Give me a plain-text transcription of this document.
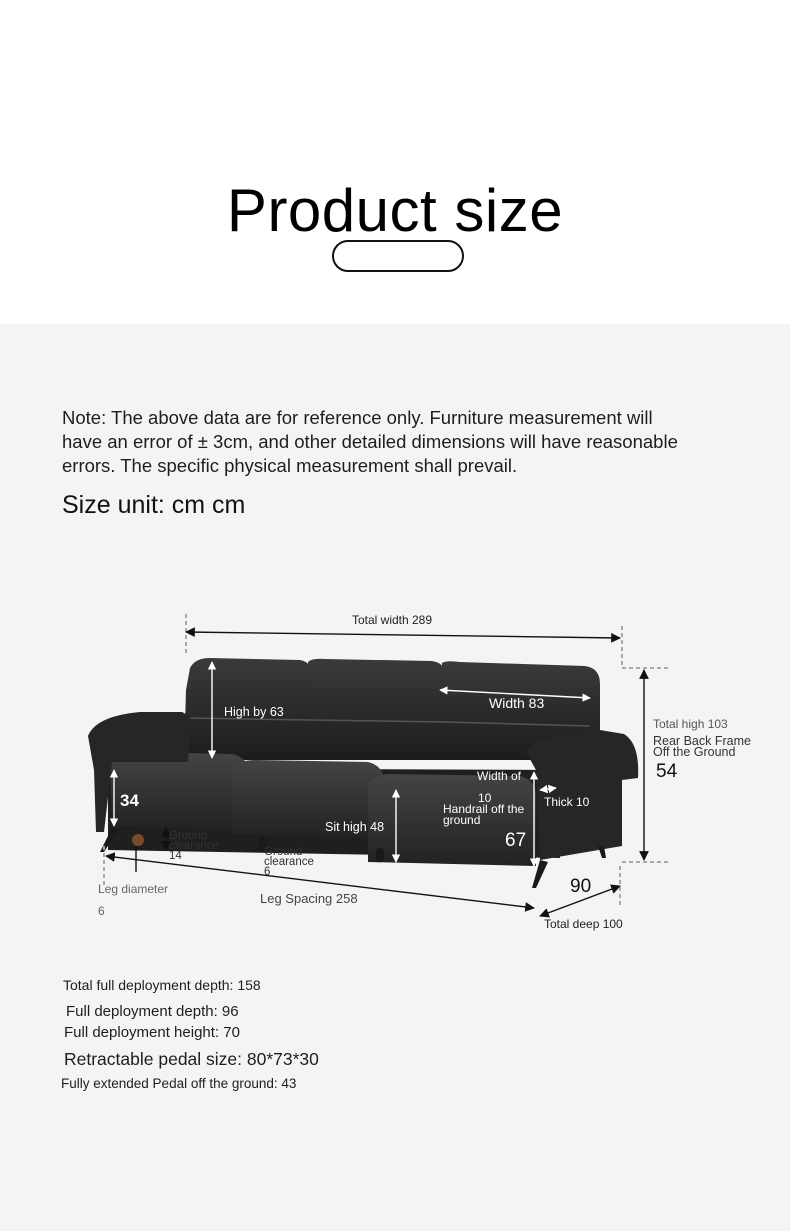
Product size
Note: The above data are for reference only. Furniture measurement will have an error of ± 3cm, and other detailed dimensions will have reasonable errors. The specific physical measurement shall prevail.
Size unit: cm cm
Total width 289
High by 63
Width 83
Total high 103
Rear Back Frame
Off the Ground
54
34
Width of
10	Thick 10
Handrail off the
ground
67
Sit high 48
Ground
clearance
14	Ground
clearance
6
Leg diameter
6
Leg Spacing 258
90
Total deep 100
Total full deployment depth: 158
Full deployment depth: 96
Full deployment height: 70
Retractable pedal size: 80*73*30
Fully extended Pedal off the ground: 43
